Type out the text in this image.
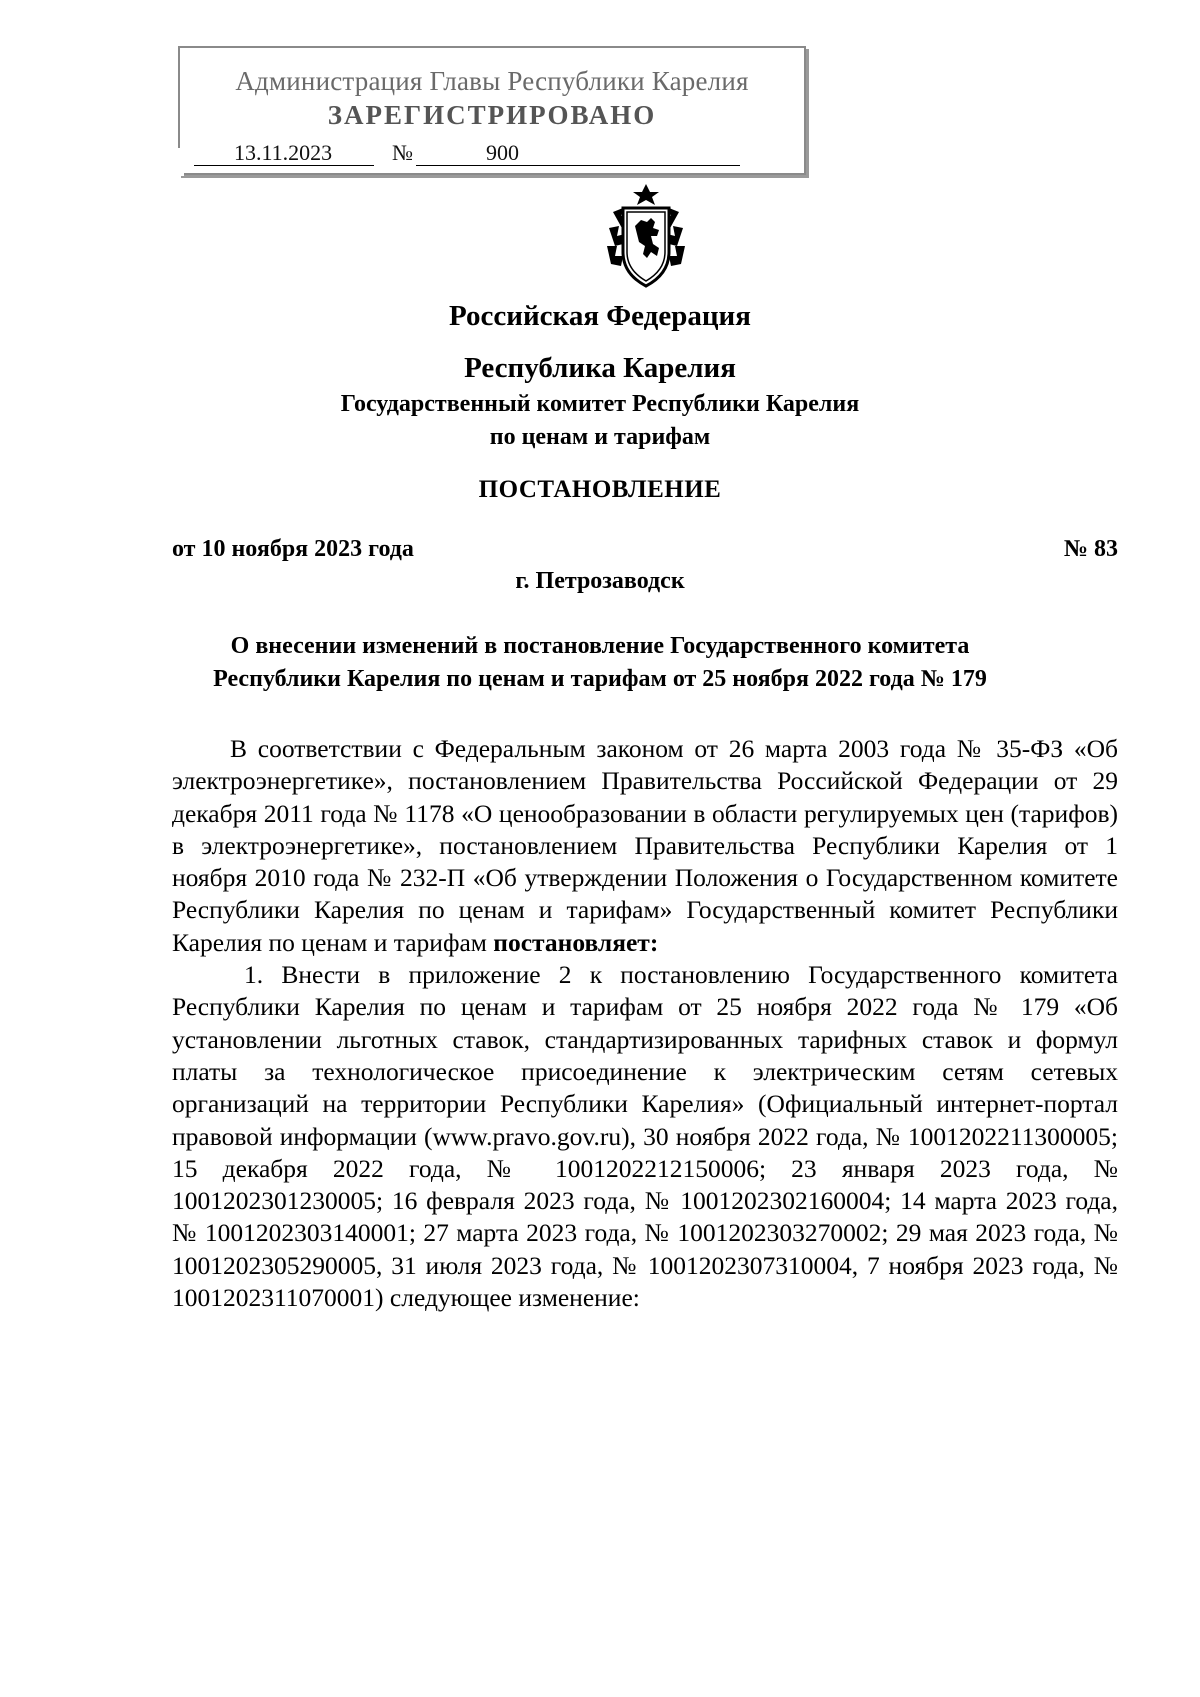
Администрация Главы Республики Карелия
ЗАРЕГИСТРИРОВАНО
13.11.2023	№	900
Российская Федерация
Республика Карелия
Государственный комитет Республики Карелия
по ценам и тарифам
ПОСТАНОВЛЕНИЕ
от 10 ноября 2023 года	№ 83
г. Петрозаводск
О внесении изменений в постановление Государственного комитета
Республики Карелия по ценам и тарифам от 25 ноября 2022 года № 179

В соответствии с Федеральным законом от 26 марта 2003 года № 35-ФЗ «Об электроэнергетике», постановлением Правительства Российской Федерации от 29 декабря 2011 года № 1178 «О ценообразовании в области регулируемых цен (тарифов) в электроэнергетике», постановлением Правительства Республики Карелия от 1 ноября 2010 года № 232-П «Об утверждении Положения о Государственном комитете Республики Карелия по ценам и тарифам» Государственный комитет Республики Карелия по ценам и тарифам постановляет:

1. Внести в приложение 2 к постановлению Государственного комитета Республики Карелия по ценам и тарифам от 25 ноября 2022 года № 179 «Об установлении льготных ставок, стандартизированных тарифных ставок и формул платы за технологическое присоединение к электрическим сетям сетевых организаций на территории Республики Карелия» (Официальный интернет-портал правовой информации (www.pravo.gov.ru), 30 ноября 2022 года, № 1001202211300005; 15 декабря 2022 года, № 1001202212150006; 23 января 2023 года, № 1001202301230005; 16 февраля 2023 года, № 1001202302160004; 14 марта 2023 года, № 1001202303140001; 27 марта 2023 года, № 1001202303270002; 29 мая 2023 года, № 1001202305290005, 31 июля 2023 года, № 1001202307310004, 7 ноября 2023 года, № 1001202311070001) следующее изменение:
